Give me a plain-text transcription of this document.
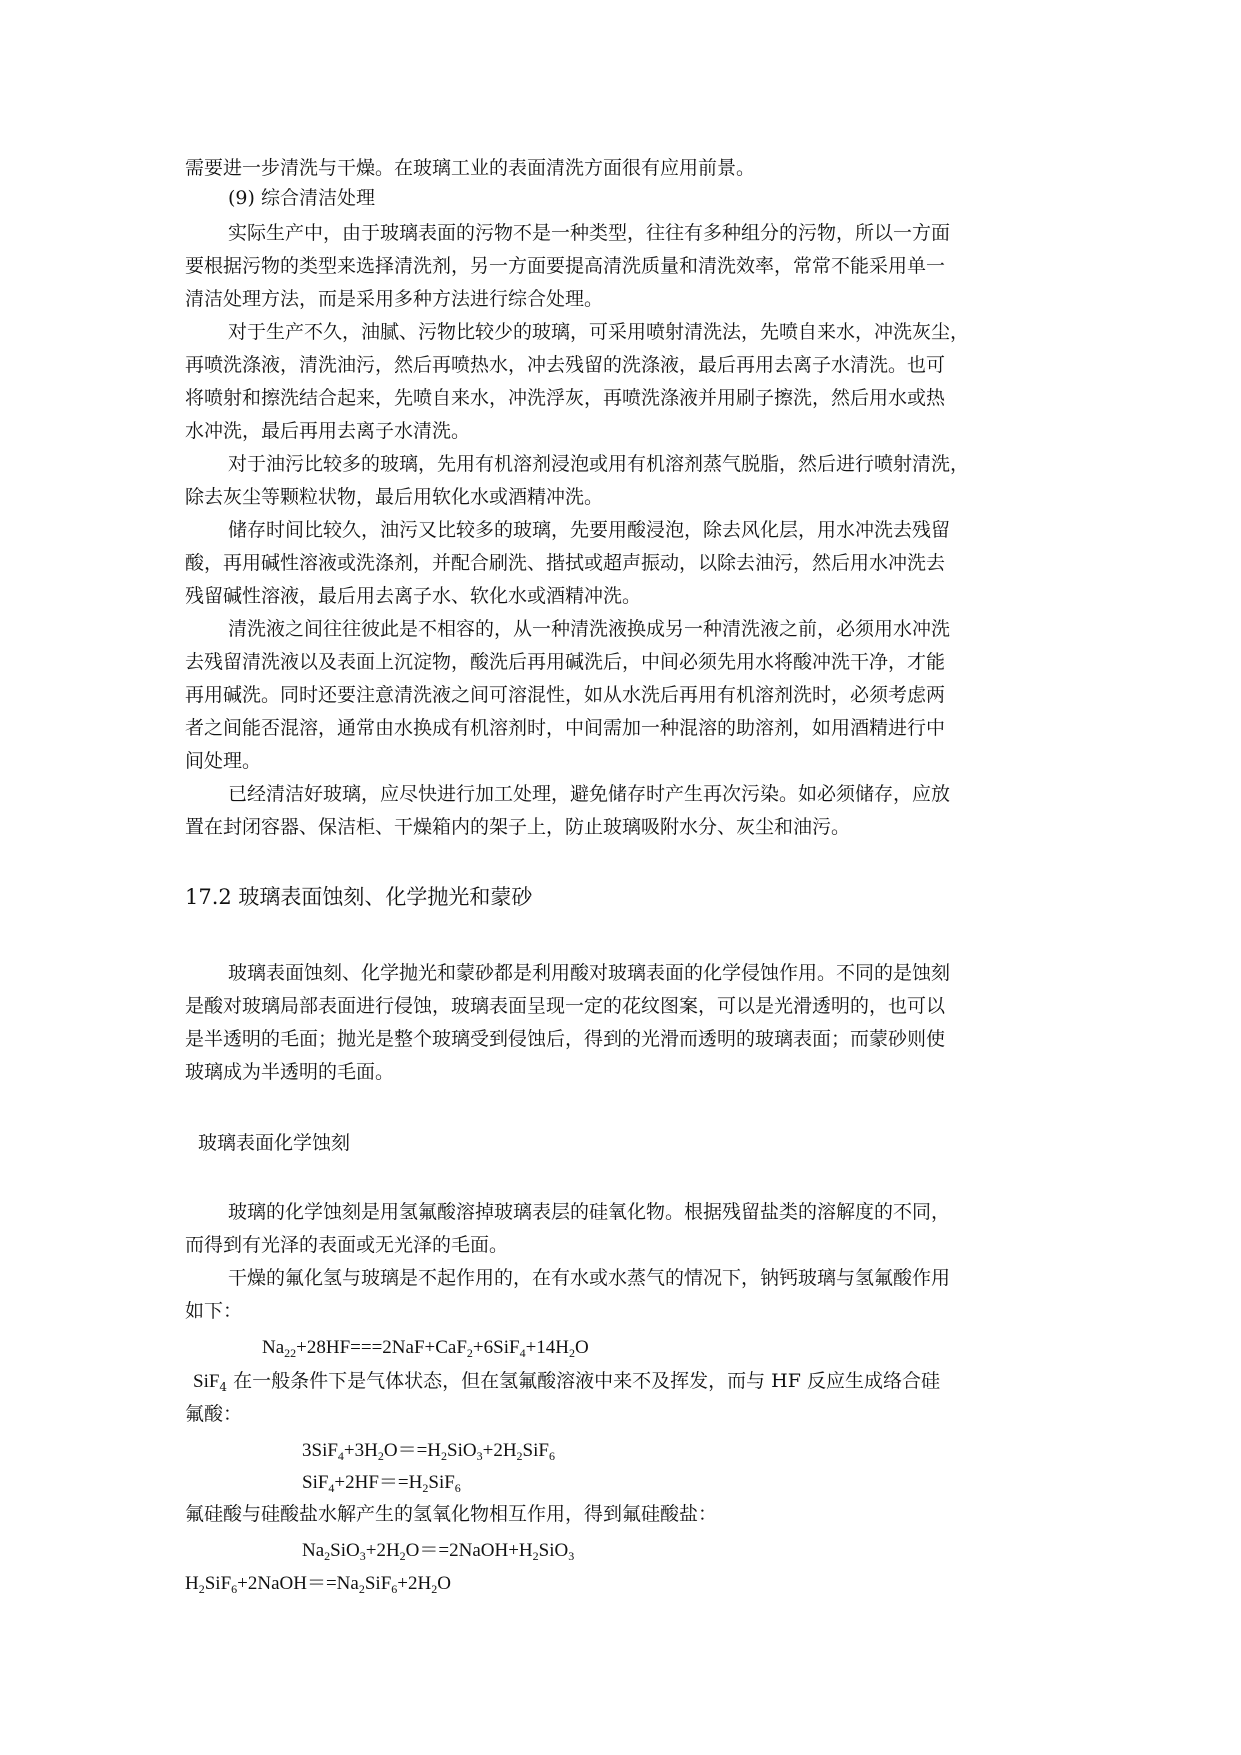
需要进一步清洗与干燥。在玻璃工业的表面清洗方面很有应用前景。
(9) 综合清洁处理
实际生产中，由于玻璃表面的污物不是一种类型，往往有多种组分的污物，所以一方面
要根据污物的类型来选择清洗剂，另一方面要提高清洗质量和清洗效率，常常不能采用单一
清洁处理方法，而是采用多种方法进行综合处理。
对于生产不久，油腻、污物比较少的玻璃，可采用喷射清洗法，先喷自来水，冲洗灰尘，
再喷洗涤液，清洗油污，然后再喷热水，冲去残留的洗涤液，最后再用去离子水清洗。也可
将喷射和擦洗结合起来，先喷自来水，冲洗浮灰，再喷洗涤液并用刷子擦洗，然后用水或热
水冲洗，最后再用去离子水清洗。
对于油污比较多的玻璃，先用有机溶剂浸泡或用有机溶剂蒸气脱脂，然后进行喷射清洗，
除去灰尘等颗粒状物，最后用软化水或酒精冲洗。
储存时间比较久，油污又比较多的玻璃，先要用酸浸泡，除去风化层，用水冲洗去残留
酸，再用碱性溶液或洗涤剂，并配合刷洗、揩拭或超声振动，以除去油污，然后用水冲洗去
残留碱性溶液，最后用去离子水、软化水或酒精冲洗。
清洗液之间往往彼此是不相容的，从一种清洗液换成另一种清洗液之前，必须用水冲洗
去残留清洗液以及表面上沉淀物，酸洗后再用碱洗后，中间必须先用水将酸冲洗干净，才能
再用碱洗。同时还要注意清洗液之间可溶混性，如从水洗后再用有机溶剂洗时，必须考虑两
者之间能否混溶，通常由水换成有机溶剂时，中间需加一种混溶的助溶剂，如用酒精进行中
间处理。
已经清洁好玻璃，应尽快进行加工处理，避免储存时产生再次污染。如必须储存，应放
置在封闭容器、保洁柜、干燥箱内的架子上，防止玻璃吸附水分、灰尘和油污。
17.2 玻璃表面蚀刻、化学抛光和蒙砂
玻璃表面蚀刻、化学抛光和蒙砂都是利用酸对玻璃表面的化学侵蚀作用。不同的是蚀刻
是酸对玻璃局部表面进行侵蚀，玻璃表面呈现一定的花纹图案，可以是光滑透明的，也可以
是半透明的毛面；抛光是整个玻璃受到侵蚀后，得到的光滑而透明的玻璃表面；而蒙砂则使
玻璃成为半透明的毛面。
玻璃表面化学蚀刻
玻璃的化学蚀刻是用氢氟酸溶掉玻璃表层的硅氧化物。根据残留盐类的溶解度的不同，
而得到有光泽的表面或无光泽的毛面。
干燥的氟化氢与玻璃是不起作用的，在有水或水蒸气的情况下，钠钙玻璃与氢氟酸作用
如下：
$Na_{22}+28HF===2NaF+CaF_2+6SiF_4+14H_2O$
SiF$_4$ 在一般条件下是气体状态，但在氢氟酸溶液中来不及挥发，而与 HF 反应生成络合硅
氟酸：
$3SiF_4+3H_2O==H_2SiO_3+2H_2SiF_6$
$SiF_4+2HF==H_2SiF_6$
氟硅酸与硅酸盐水解产生的氢氧化物相互作用，得到氟硅酸盐：
$Na_2SiO_3+2H_2O==2NaOH+H_2SiO_3$
$H_2SiF_6+2NaOH==Na_2SiF_6+2H_2O$
